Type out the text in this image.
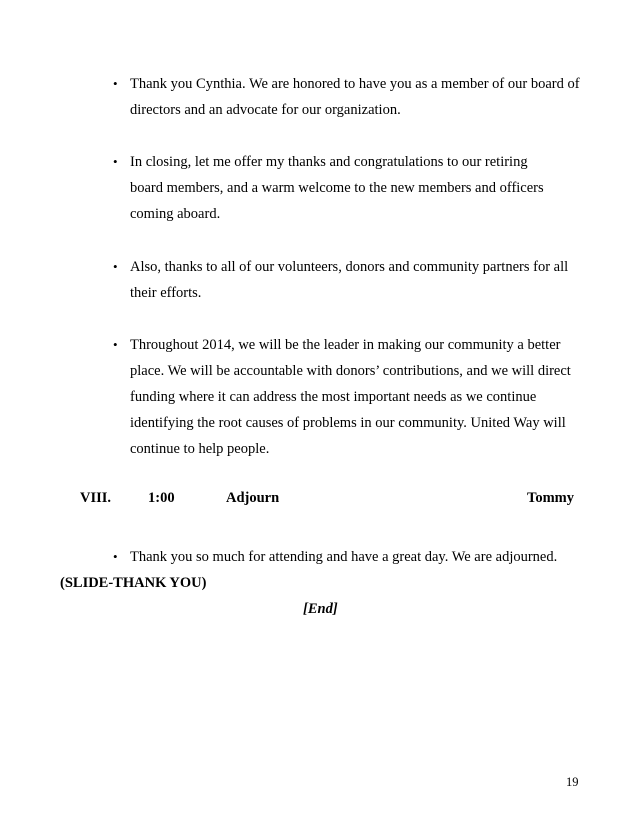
• Thank you Cynthia. We are honored to have you as a member of our board of
directors and an advocate for our organization.
• In closing, let me offer my thanks and congratulations to our retiring
board members, and a warm welcome to the new members and officers
coming aboard.
• Also, thanks to all of our volunteers, donors and community partners for all
their efforts.
• Throughout 2014, we will be the leader in making our community a better
place. We will be accountable with donors’ contributions, and we will direct
funding where it can address the most important needs as we continue
identifying the root causes of problems in our community. United Way will
continue to help people.
VIII.	1:00	Adjourn	Tommy
• Thank you so much for attending and have a great day. We are adjourned.
(SLIDE-THANK YOU)
[End]
19
